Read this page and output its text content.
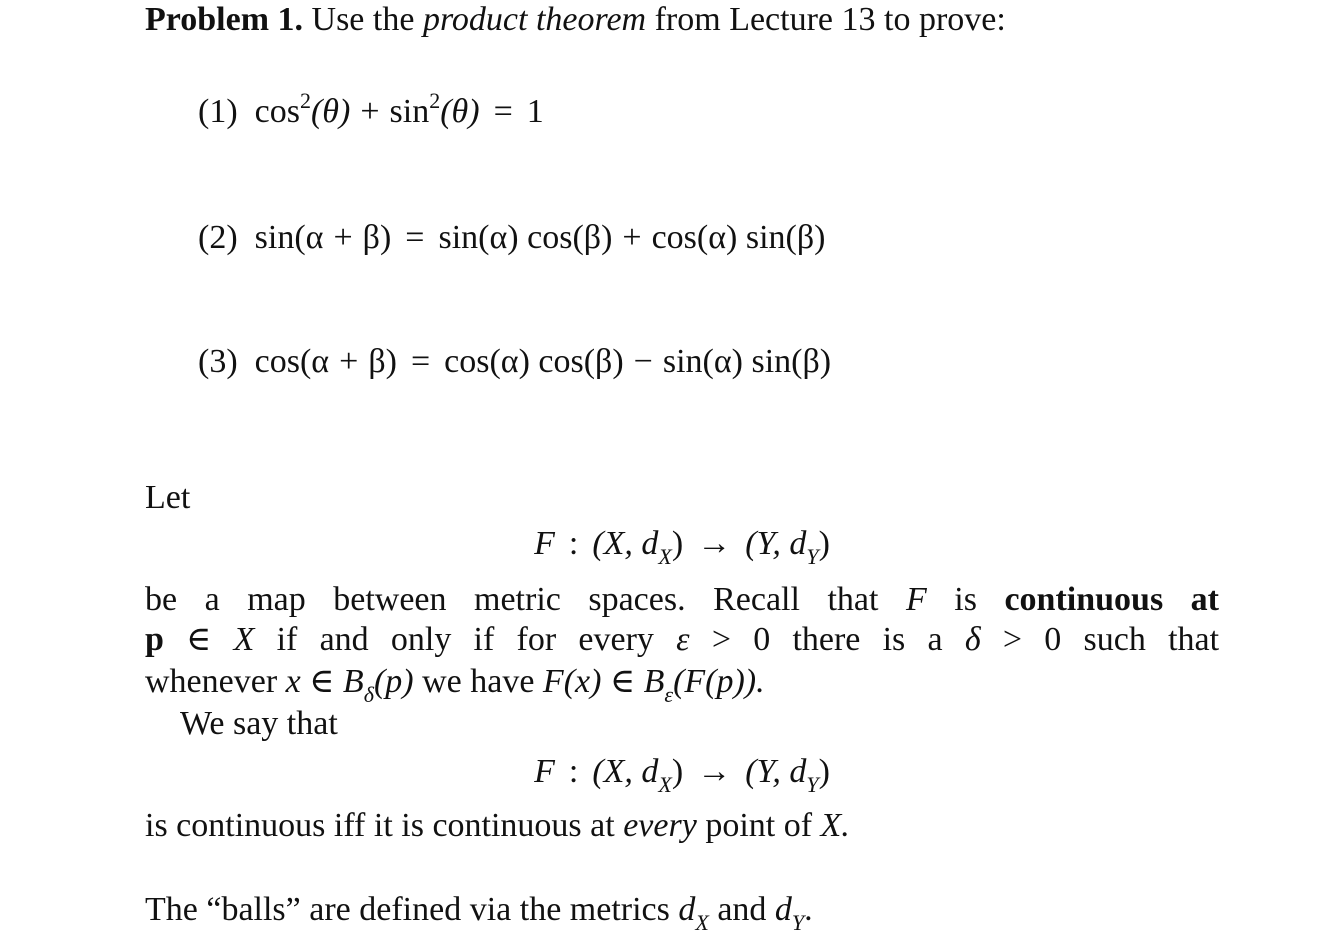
Problem 1. Use the product theorem from Lecture 13 to prove:
(1) $\cos^2(\theta) + \sin^2(\theta) = 1$
(2) sin(α + β) = sin(α) cos(β) + cos(α) sin(β)
(3) cos(α + β) = cos(α) cos(β) − sin(α) sin(β)
Let
F : (X, $d_X) \to (Y$, $d_Y$)
be a map between metric spaces. Recall that F is continuous at
p ∈ X if and only if for every ε > 0 there is a δ > 0 such that
whenever x ∈ $B_\delta(p)$ we have F(x) ∈ $B_\varepsilon(F(p))$.
We say that
F : (X, $d_X) \to (Y$, $d_Y$)
is continuous iff it is continuous at every point of X.
The “balls” are defined via the metrics $d_X$ and $d_Y$.
